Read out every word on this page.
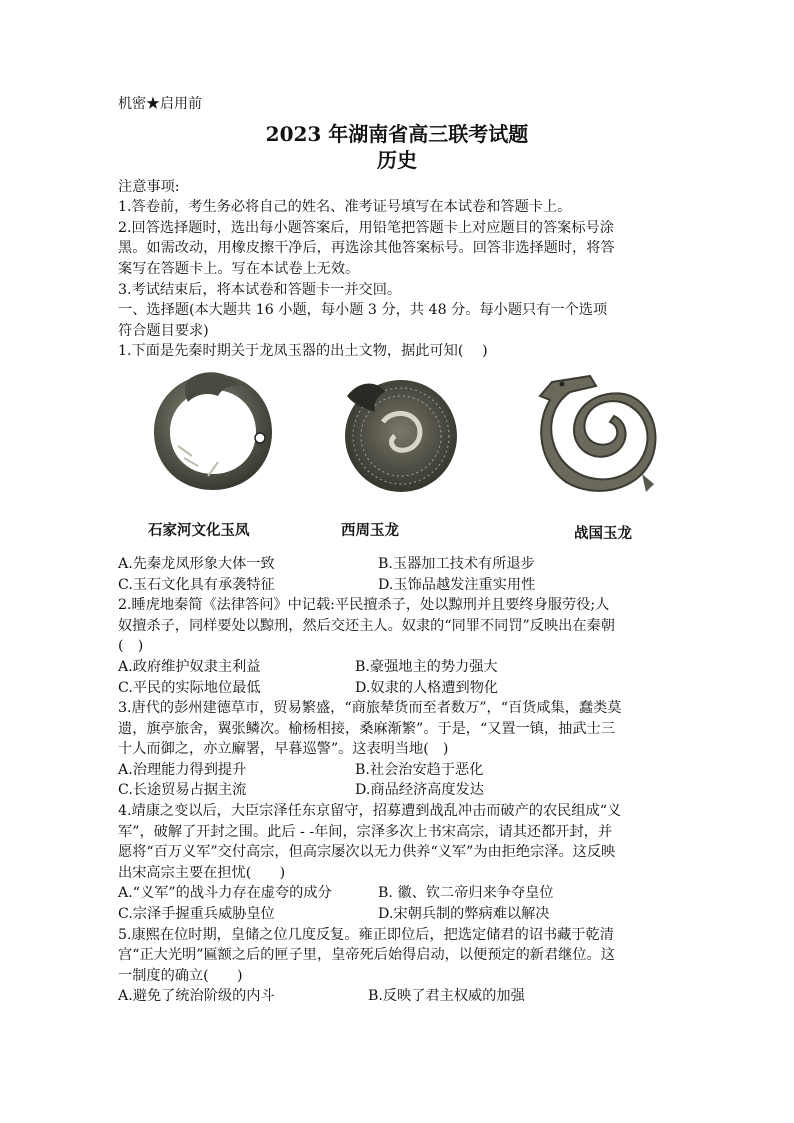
机密★启用前
2023 年湖南省高三联考试题
历史
注意事项:
1.答卷前，考生务必将自己的姓名、准考证号填写在本试卷和答题卡上。
2.回答选择题时，选出每小题答案后，用铅笔把答题卡上对应题目的答案标号涂
黑。如需改动，用橡皮擦干净后，再选涂其他答案标号。回答非选择题时，将答
案写在答题卡上。写在本试卷上无效。
3.考试结束后，将本试卷和答题卡一并交回。
一、选择题(本大题共 16 小题，每小题 3 分，共 48 分。每小题只有一个选项
符合题目要求)
1.下面是先秦时期关于龙凤玉器的出土文物，据此可知(　 )
石家河文化玉凤	西周玉龙	战国玉龙
A.先秦龙凤形象大体一致	B.玉器加工技术有所退步
C.玉石文化具有承袭特征	D.玉饰品越发注重实用性
2.睡虎地秦简《法律答问》中记载:平民擅杀子，处以黥刑并且要终身服劳役;人
奴擅杀子，同样要处以黥刑，然后交还主人。奴隶的“同罪不同罚”反映出在秦朝
(　)
A.政府维护奴隶主利益	B.豪强地主的势力强大
C.平民的实际地位最低	D.奴隶的人格遭到物化
3.唐代的彭州建德草市，贸易繁盛，“商旅辇货而至者数万”，“百货咸集，蠢类莫
遗，旗亭旅舍，翼张鳞次。榆杨相接，桑麻渐繁”。于是，“又置一镇，抽武士三
十人而御之，亦立廨署，早暮巡警”。这表明当地(　)
A.治理能力得到提升	B.社会治安趋于恶化
C.长途贸易占据主流	D.商品经济高度发达
4.靖康之变以后，大臣宗泽任东京留守，招募遭到战乱冲击而破产的农民组成“义
军”，破解了开封之围。此后 - -年间，宗泽多次上书宋高宗，请其还都开封，并
愿将“百万义军”交付高宗，但高宗屡次以无力供养“义军”为由拒绝宗泽。这反映
出宋高宗主要在担忧(　　)
A.“义军”的战斗力存在虚夸的成分	B. 徽、钦二帝归来争夺皇位
C.宗泽手握重兵威胁皇位	D.宋朝兵制的弊病难以解决
5.康熙在位时期，皇储之位几度反复。雍正即位后，把选定储君的诏书藏于乾清
宫“正大光明”匾额之后的匣子里，皇帝死后始得启动，以便预定的新君继位。这
一制度的确立(　　)
A.避免了统治阶级的内斗	B.反映了君主权威的加强
